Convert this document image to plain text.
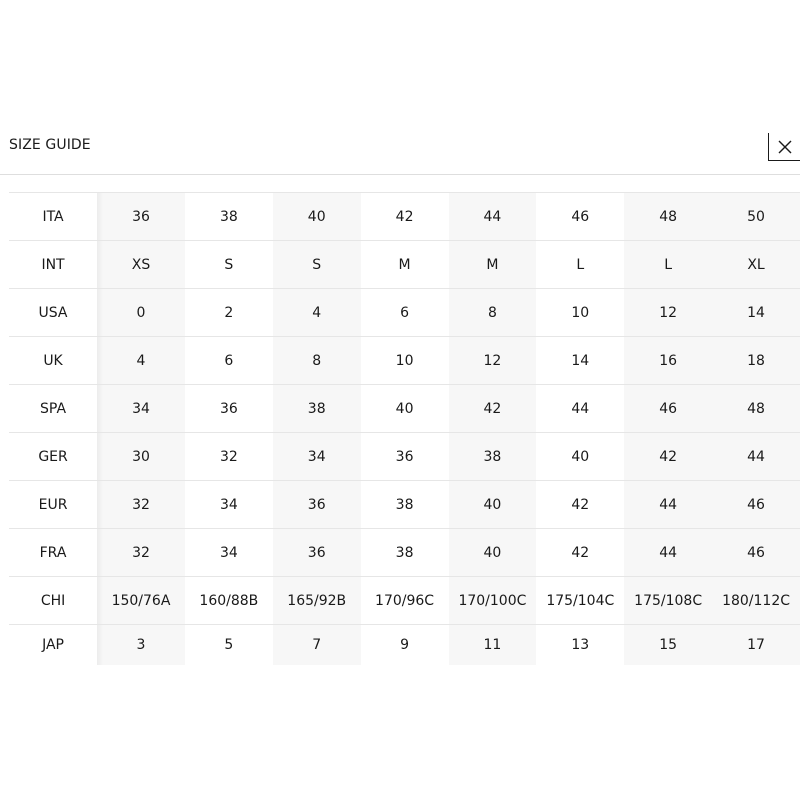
SIZE GUIDE
ITA	36	38	40	42	44	46	48	50
INT	XS	S	S	M	M	L	L	XL
USA	0	2	4	6	8	10	12	14
UK	4	6	8	10	12	14	16	18
SPA	34	36	38	40	42	44	46	48
GER	30	32	34	36	38	40	42	44
EUR	32	34	36	38	40	42	44	46
FRA	32	34	36	38	40	42	44	46
CHI	150/76A	160/88B	165/92B	170/96C	170/100C	175/104C	175/108C	180/112C
JAP	3	5	7	9	11	13	15	17
